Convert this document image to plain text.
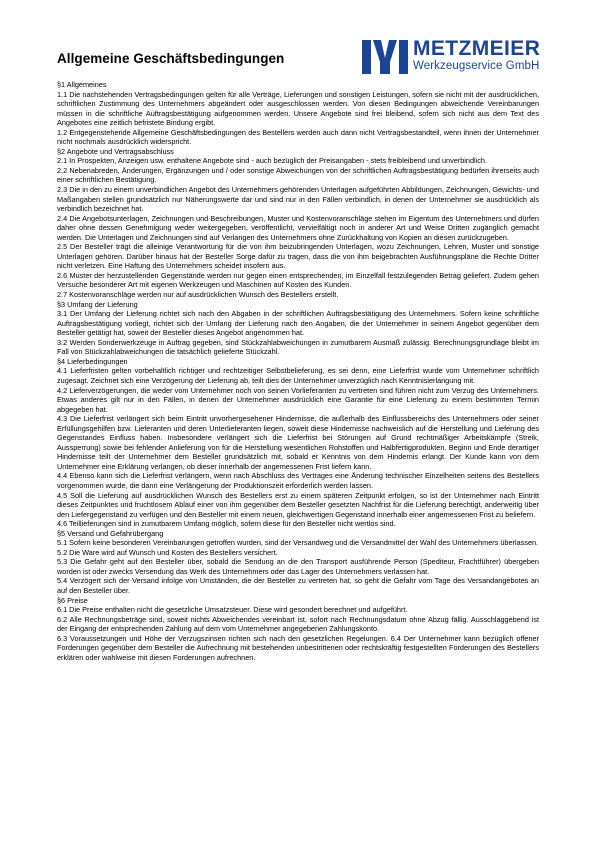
Allgemeine Geschäftsbedingungen	METZMEIER
Werkzeugservice GmbH

§1 Allgemeines

1.1 Die nachstehenden Vertragsbedingungen gelten für alle Verträge, Lieferungen und sonstigen Leistungen, sofern sie nicht mit der ausdrücklichen, schriftlichen Zustimmung des Unternehmers abgeändert oder ausgeschlossen werden. Von diesen Bedingungen abweichende Vereinbarungen müssen in die schriftliche Auftragsbestätigung aufgenommen werden. Unsere Angebote sind frei bleibend, sofern sich nicht aus dem Text des Angebotes eine zeitlich befristete Bindung ergibt.

1.2 Entgegenstehende Allgemeine Geschäftsbedingungen des Bestellers werden auch dann nicht Vertragsbestandteil, wenn ihnen der Unternehmer nicht nochmals ausdrücklich widerspricht.

§2 Angebote und Vertragsabschluss

2.1 In Prospekten, Anzeigen usw. enthaltene Angebote sind - auch bezüglich der Preisangaben - stets freibleibend und unverbindlich.

2.2 Nebenabreden, Änderungen, Ergänzungen und / oder sonstige Abweichungen von der schriftlichen Auftragsbestätigung bedürfen ihrerseits auch einer schriftlichen Bestätigung.

2.3 Die in den zu einem unverbindlichen Angebot des Unternehmers gehörenden Unterlagen aufgeführten Abbildungen, Zeichnungen, Gewichts- und Maßangaben stellen grundsätzlich nur Näherungswerte dar und sind nur in den Fällen verbindlich, in denen der Unternehmer sie ausdrücklich als verbindlich bezeichnet hat.

2.4 Die Angebotsunterlagen, Zeichnungen und Beschreibungen, Muster und Kostenvoranschläge stehen im Eigentum des Unternehmers und dürfen daher ohne dessen Genehmigung weder weitergegeben, veröffentlicht, vervielfältigt noch in anderer Art und Weise Dritten zugänglich gemacht werden. Die Unterlagen und Zeichnungen sind auf Verlangen des Unternehmers ohne Zurückhaltung von Kopien an diesen zurückzugeben.

2.5 Der Besteller trägt die alleinige Verantwortung für die von ihm beizubringenden Unterlagen, wozu Zeichnungen, Lehren, Muster und sonstige Unterlagen gehören. Darüber hinaus hat der Besteller Sorge dafür zu tragen, dass die von ihm beigebrachten Ausführungspläne die Rechte Dritter nicht verletzen. Eine Haftung des Unternehmers scheidet insofern aus.

2.6 Muster der herzustellenden Gegenstände werden nur gegen einen entsprechenden, im Einzelfall festzulegenden Betrag geliefert. Zudem gehen Versuche besonderer Art mit eigenen Werkzeugen und Maschinen auf Kosten des Kunden.

2.7 Kostenvoranschläge werden nur auf ausdrücklichen Wunsch des Bestellers erstellt.

§3 Umfang der Lieferung

3.1 Der Umfang der Lieferung richtet sich nach den Abgaben in der schriftlichen Auftragsbestätigung des Unternehmers. Sofern keine schriftliche Auftragsbestätigung vorliegt, richtet sich der Umfang der Lieferung nach den Angaben, die der Unternehmer in seinem Angebot gegenüber dem Besteller getätigt hat, soweit der Besteller dieses Angebot angenommen hat.

3.2 Werden Sonderwerkzeuge in Auftrag gegeben, sind Stückzahlabweichungen in zumutbarem Ausmaß zulässig. Berechnungsgrundlage bleibt im Fall von Stückzahlabweichungen die tatsächlich gelieferte Stückzahl.

§4 Lieferbedingungen

4.1 Lieferfristen gelten vorbehaltlich richtiger und rechtzeitiger Selbstbelieferung, es sei denn, eine Lieferfrist wurde vom Unternehmer schriftlich zugesagt. Zeichnet sich eine Verzögerung der Lieferung ab, teilt dies der Unternehmer unverzüglich nach Kenntnisierlangung mit.

4.2 Lieferverzögerungen, die weder vom Unternehmer noch von seinen Vorlieferanten zu vertreten sind führen nicht zum Verzug des Unternehmers. Etwas anderes gilt nur in den Fällen, in denen der Unternehmer ausdrücklich eine Garantie für eine Lieferung zu einem bestimmten Termin abgegeben hat.

4.3 Die Lieferfrist verlängert sich beim Eintritt unvorhergesehener Hindernisse, die außerhalb des Einflussbereichs des Unternehmers oder seiner Erfüllungsgehilfen bzw. Lieferanten und deren Unterlieferanten liegen, soweit diese Hindernisse nachweislich auf die Herstellung und Lieferung des Gegenstandes Einfluss haben. Insbesondere verlängert sich die Lieferfrist bei Störungen auf Grund rechtmäßiger Arbeitskämpfe (Streik, Aussperrung) sowie bei fehlender Anlieferung von für die Herstellung wesentlichen Rohstoffen und Halbfertigprodukten. Beginn und Ende derartiger Hindernisse teilt der Unternehmer dem Besteller grundsätzlich mit, sobald er Kenntnis von dem Hindernis erlangt. Der Kunde kann von dem Unternehmer eine Erklärung verlangen, ob dieser innerhalb der angemessenen Frist liefern kann.

4.4 Ebenso kann sich die Lieferfrist verlängern, wenn nach Abschluss des Vertrages eine Änderung technischer Einzelheiten seitens des Bestellers vorgenommen wurde, die dann eine Verlängerung der Produktionszeit erforderlich werden lassen.

4.5 Soll die Lieferung auf ausdrücklichen Wunsch des Bestellers erst zu einem späteren Zeitpunkt erfolgen, so ist der Unternehmer nach Eintritt dieses Zeitpunktes und fruchtlosem Ablauf einer von ihm gegenüber dem Besteller gesetzten Nachfrist für die Lieferung berechtigt, anderweitig über den Liefergegenstand zu verfügen und den Besteller mit einem neuen, gleichwertigen Gegenstand innerhalb einer angemessenen Frist zu beliefern.

4.6 Teillieferungen sind in zumutbarem Umfang möglich, sofern diese für den Besteller nicht wertlos sind.

§5 Versand und Gefahrübergang

5.1 Sofern keine besonderen Vereinbarungen getroffen wurden, sind der Versandweg und die Versandmittel der Wahl des Unternehmers überlassen.

5.2 Die Ware wird auf Wunsch und Kosten des Bestellers versichert.

5.3 Die Gefahr geht auf den Besteller über, sobald die Sendung an die den Transport ausführende Person (Spediteur, Frachtführer) übergeben worden ist oder zwecks Versendung das Werk des Unternehmers oder das Lager des Unternehmers verlassen hat.

5.4 Verzögert sich der Versand infolge von Umständen, die der Besteller zu vertreten hat, so geht die Gefahr vom Tage des Versandangebotes an auf den Besteller über.

§6 Preise

6.1 Die Preise enthalten nicht die gesetzliche Umsatzsteuer. Diese wird gesondert berechnet und aufgeführt.

6.2 Alle Rechnungsbeträge sind, soweit nichts Abweichendes vereinbart ist, sofort nach Rechnungsdatum ohne Abzug fällig. Ausschlaggebend ist der Eingang der entsprechenden Zahlung auf dem vom Unternehmer angegebenen Zahlungskonto.

6.3 Voraussetzungen und Höhe der Verzugszinsen richten sich nach den gesetzlichen Regelungen. 6.4 Der Unternehmer kann bezüglich offener Forderungen gegenüber dem Besteller die Aufrechnung mit bestehenden unbestrittenen oder rechtskräftig festgestellten Forderungen des Bestellers erklären oder wahlweise mit diesen Forderungen aufrechnen.
